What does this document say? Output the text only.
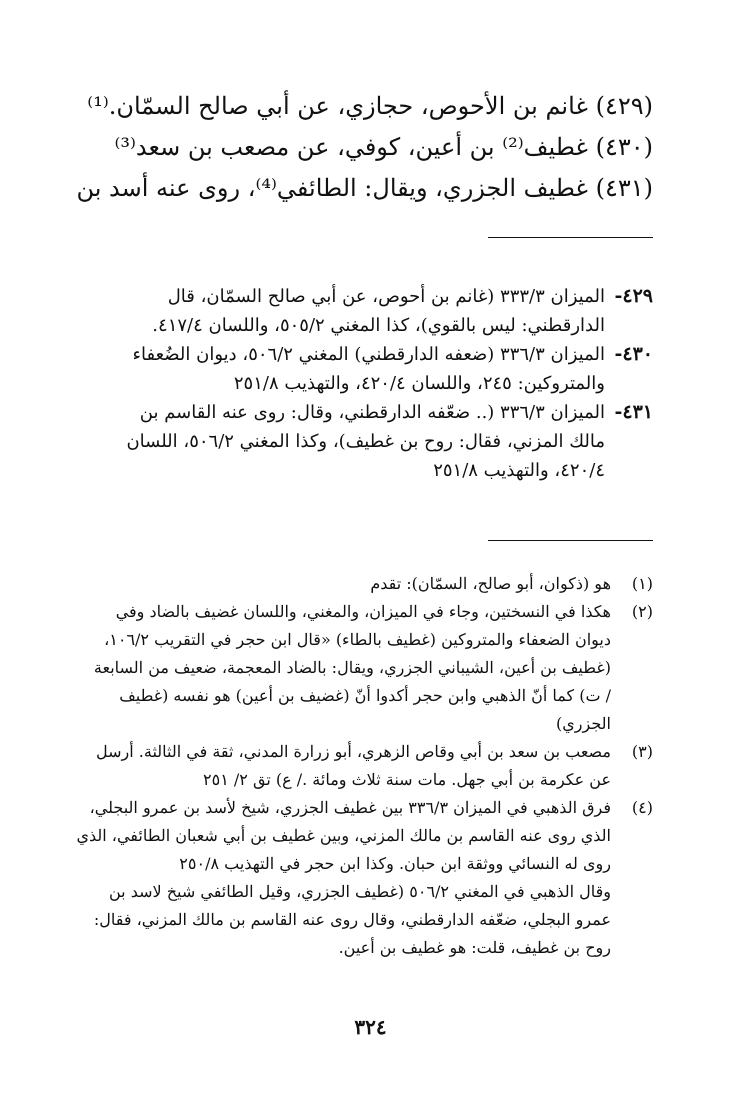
(٤٢٩) غانم بن الأحوص، حجازي، عن أبي صالح السمّان.⁽¹⁾
(٤٣٠) غطيف⁽²⁾ بن أعين، كوفي، عن مصعب بن سعد⁽³⁾
(٤٣١) غطيف الجزري، ويقال: الطائفي⁽⁴⁾، روى عنه أسد بن
٤٢٩-
الميزان ٣٣٣/٣ (غانم بن أحوص، عن أبي صالح السمّان، قال
الدارقطني: ليس بالقوي)، كذا المغني ٥٠٥/٢، واللسان ٤١٧/٤.
٤٣٠-
الميزان ٣٣٦/٣ (ضعفه الدارقطني) المغني ٥٠٦/٢، ديوان الضُعفاء
والمتروكين: ٢٤٥، واللسان ٤٢٠/٤، والتهذيب ٢٥١/٨
٤٣١-
الميزان ٣٣٦/٣ (.. ضعّفه الدارقطني، وقال: روى عنه القاسم بن
مالك المزني، فقال: روح بن غطيف)، وكذا المغني ٥٠٦/٢، اللسان
٤٢٠/٤، والتهذيب ٢٥١/٨
(١)
هو (ذكوان، أبو صالح، السمّان): تقدم
(٢)
هكذا في النسختين، وجاء في الميزان، والمغني، واللسان غضيف بالضاد وفي
ديوان الضعفاء والمتروكين (غطيف بالطاء) «قال ابن حجر في التقريب ١٠٦/٢،
(غطيف بن أعين، الشيباني الجزري، ويقال: بالضاد المعجمة، ضعيف من السابعة
/ ت) كما أنّ الذهبي وابن حجر أكدوا أنّ (غضيف بن أعين) هو نفسه (غطيف
الجزري)
(٣)
مصعب بن سعد بن أبي وقاص الزهري، أبو زرارة المدني، ثقة في الثالثة. أرسل
عن عكرمة بن أبي جهل. مات سنة ثلاث ومائة ./ ع) تق ٢/ ٢٥١
(٤)
فرق الذهبي في الميزان ٣٣٦/٣ بين غطيف الجزري، شيخ لأسد بن عمرو البجلي،
الذي روى عنه القاسم بن مالك المزني، وبين غطيف بن أبي شعبان الطائفي، الذي
روى له النسائي ووثقة ابن حبان. وكذا ابن حجر في التهذيب ٢٥٠/٨
وقال الذهبي في المغني ٥٠٦/٢ (غطيف الجزري، وقيل الطائفي شيخ لاسد بن
عمرو البجلي، ضعّفه الدارقطني، وقال روى عنه القاسم بن مالك المزني، فقال:
روح بن غطيف، قلت: هو غطيف بن أعين.
٣٢٤
